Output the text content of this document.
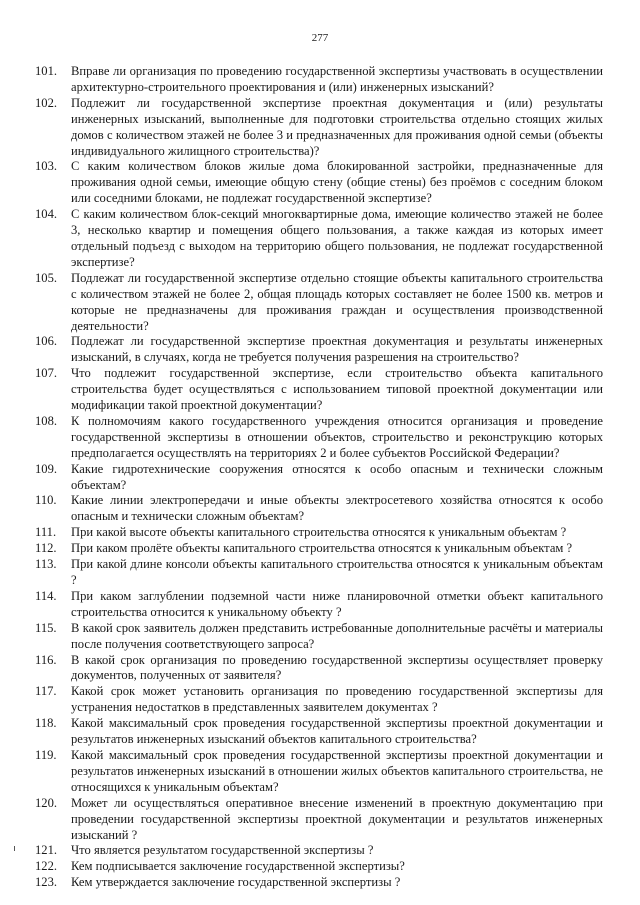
277
101.	Вправе ли организация по проведению государственной экспертизы участвовать в осуществлении архитектурно-строительного проектирования и (или) инженерных изысканий?
102.	Подлежит ли государственной экспертизе проектная документация и (или) результаты инженерных изысканий, выполненные для подготовки строительства отдельно стоящих жилых домов с количеством этажей не более 3 и предназначенных для проживания одной семьи (объекты индивидуального жилищного строительства)?
103.	С каким количеством блоков жилые дома блокированной застройки, предназначенные для проживания одной семьи, имеющие общую стену (общие стены) без проёмов с соседним блоком или соседними блоками, не подлежат государственной экспертизе?
104.	С каким количеством блок-секций многоквартирные дома, имеющие количество этажей не более 3, несколько квартир и помещения общего пользования, а также каждая из которых имеет отдельный подъезд с выходом на территорию общего пользования, не подлежат государственной экспертизе?
105.	Подлежат ли государственной экспертизе отдельно стоящие объекты капитального строительства с количеством этажей не более 2, общая площадь которых составляет не более 1500 кв. метров и которые не предназначены для проживания граждан и осуществления производственной деятельности?
106.	Подлежат ли государственной экспертизе проектная документация и результаты инженерных изысканий, в случаях, когда не требуется получения разрешения на строительство?
107.	Что подлежит государственной экспертизе, если строительство объекта капитального строительства будет осуществляться с использованием типовой проектной документации или модификации такой проектной документации?
108.	К полномочиям какого государственного учреждения относится организация и проведение государственной экспертизы в отношении объектов, строительство и реконструкцию которых предполагается осуществлять на территориях 2 и более субъектов Российской Федерации?
109.	Какие гидротехнические сооружения относятся к особо опасным и технически сложным объектам?
110.	Какие линии электропередачи и иные объекты электросетевого хозяйства относятся к особо опасным и технически сложным объектам?
111.	При какой высоте объекты капитального строительства относятся к уникальным объектам ?
112.	При каком пролёте объекты капитального строительства относятся к уникальным объектам ?
113.	При какой длине консоли объекты капитального строительства относятся к уникальным объектам ?
114.	При каком заглублении подземной части ниже планировочной отметки объект капитального строительства относится к уникальному объекту ?
115.	В какой срок заявитель должен представить истребованные дополнительные расчёты и материалы после получения соответствующего запроса?
116.	В какой срок организация по проведению государственной экспертизы осуществляет проверку документов, полученных от заявителя?
117.	Какой срок может установить организация по проведению государственной экспертизы для устранения недостатков в представленных заявителем документах ?
118.	Какой максимальный срок проведения государственной экспертизы проектной документации и результатов инженерных изысканий объектов капитального строительства?
119.	Какой максимальный срок проведения государственной экспертизы проектной документации и результатов инженерных изысканий в отношении жилых объектов капитального строительства, не относящихся к уникальным объектам?
120.	Может ли осуществляться оперативное внесение изменений в проектную документацию при проведении государственной экспертизы проектной документации и результатов инженерных изысканий ?
121.	Что является результатом государственной экспертизы ?
122.	Кем подписывается заключение государственной экспертизы?
123.	Кем утверждается заключение государственной экспертизы ?
